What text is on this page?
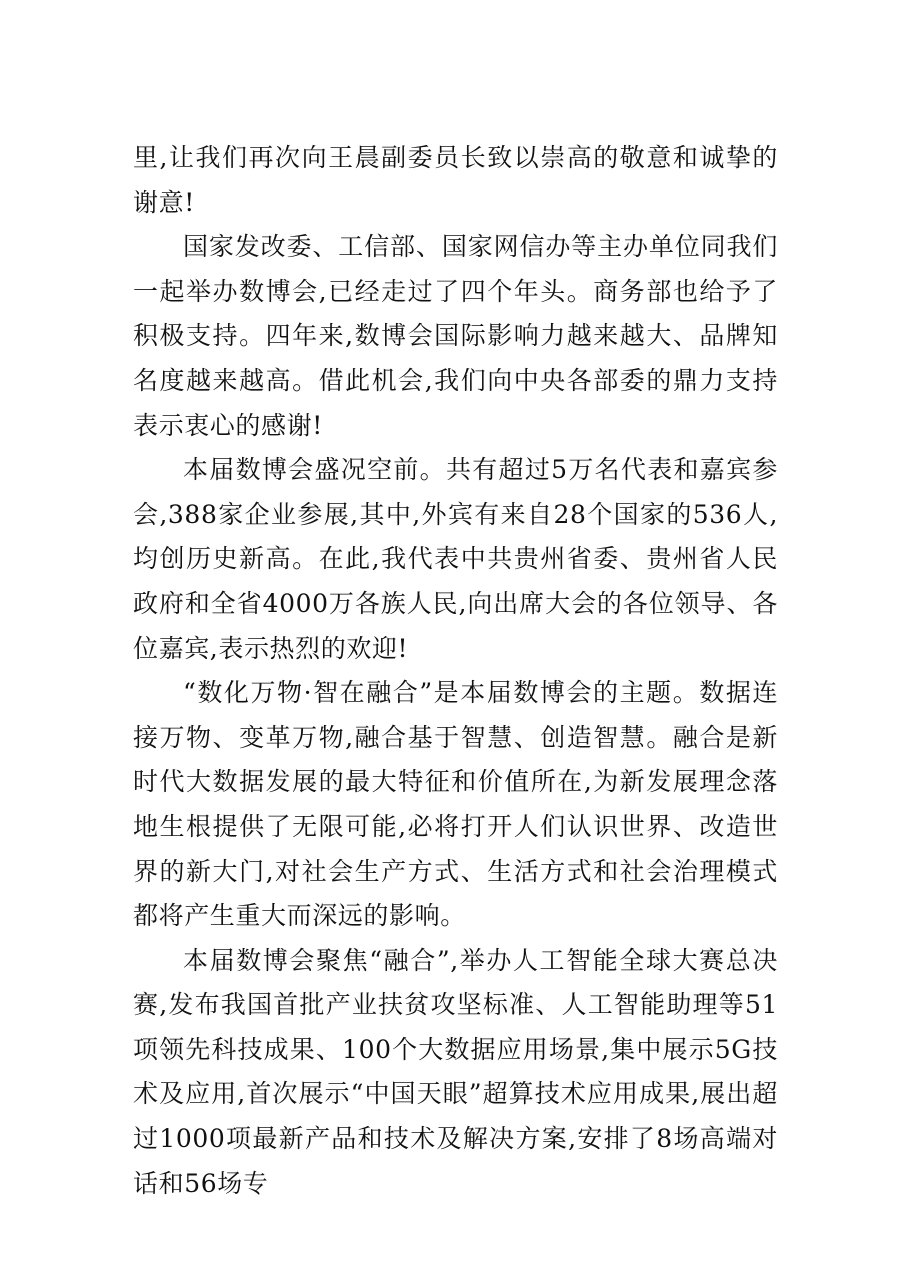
里,让我们再次向王晨副委员长致以崇高的敬意和诚挚的谢意!

国家发改委、工信部、国家网信办等主办单位同我们一起举办数博会,已经走过了四个年头。商务部也给予了积极支持。四年来,数博会国际影响力越来越大、品牌知名度越来越高。借此机会,我们向中央各部委的鼎力支持表示衷心的感谢!

本届数博会盛况空前。共有超过5万名代表和嘉宾参会,388家企业参展,其中,外宾有来自28个国家的536人,均创历史新高。在此,我代表中共贵州省委、贵州省人民政府和全省4000万各族人民,向出席大会的各位领导、各位嘉宾,表示热烈的欢迎!

“数化万物·智在融合”是本届数博会的主题。数据连接万物、变革万物,融合基于智慧、创造智慧。融合是新时代大数据发展的最大特征和价值所在,为新发展理念落地生根提供了无限可能,必将打开人们认识世界、改造世界的新大门,对社会生产方式、生活方式和社会治理模式都将产生重大而深远的影响。

本届数博会聚焦“融合”,举办人工智能全球大赛总决赛,发布我国首批产业扶贫攻坚标准、人工智能助理等51项领先科技成果、100个大数据应用场景,集中展示5G技术及应用,首次展示“中国天眼”超算技术应用成果,展出超过1000项最新产品和技术及解决方案,安排了8场高端对话和56场专
